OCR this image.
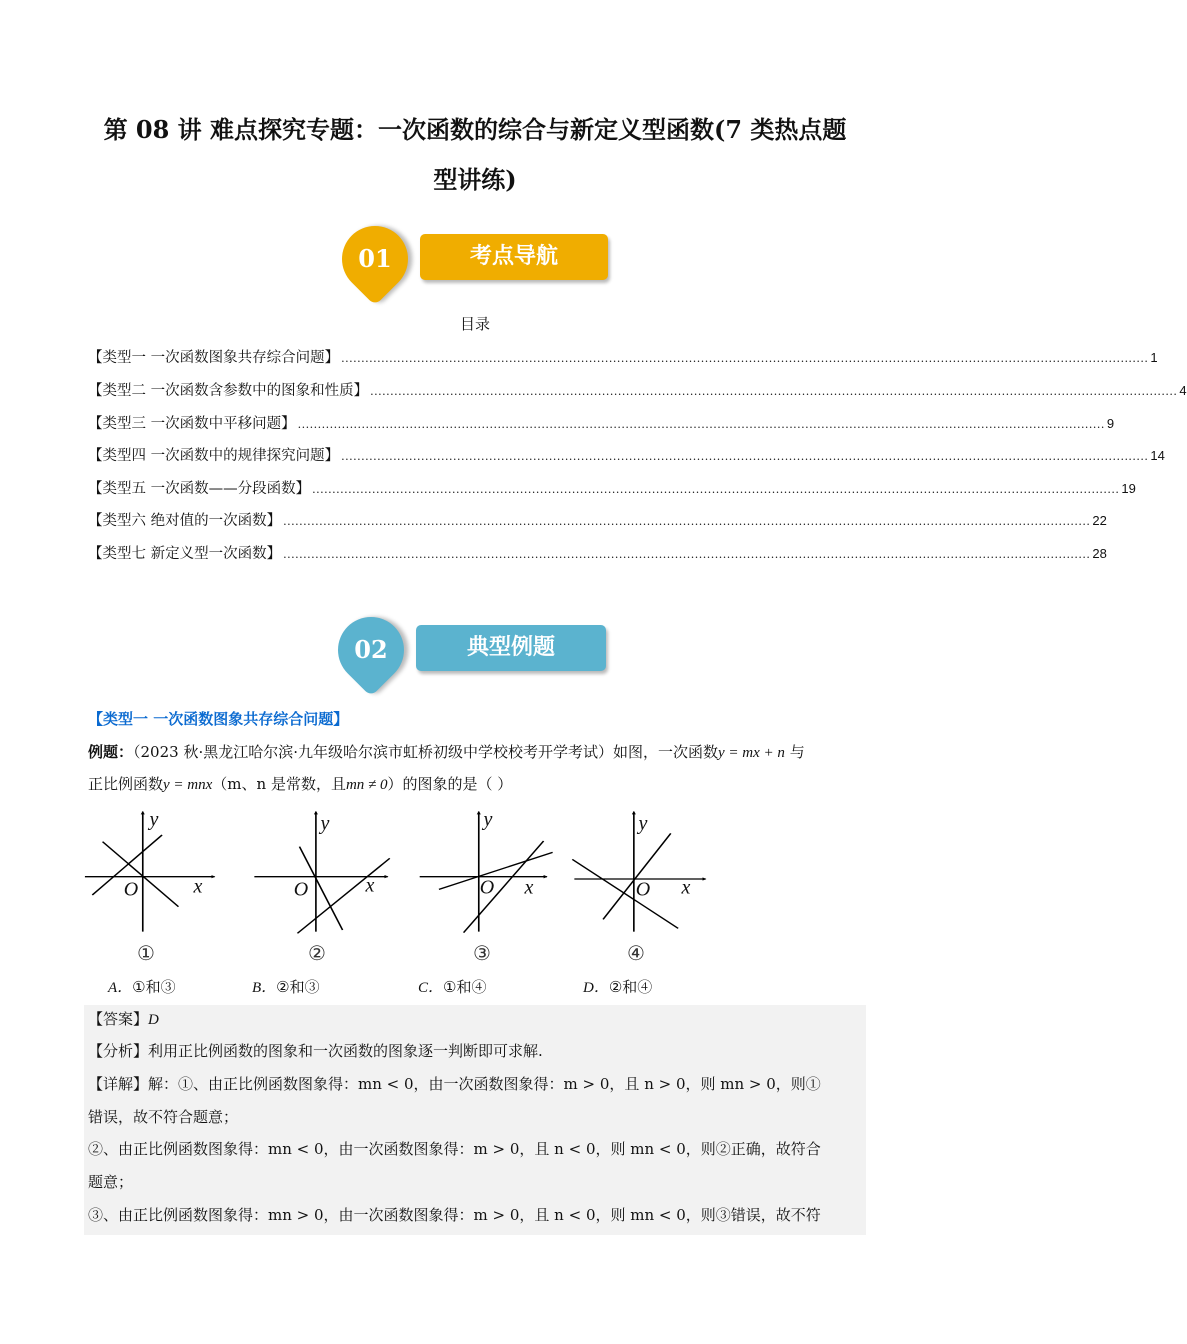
第 08 讲 难点探究专题：一次函数的综合与新定义型函数(7 类热点题
型讲练)
01	考点导航
目录
【类型一 一次函数图象共存综合问题】 .......................................................................................................................................................................................................... 1
【类型二 一次函数含参数中的图象和性质】 .......................................................................................................................................................................................................... 4
【类型三 一次函数中平移问题】 .......................................................................................................................................................................................................... 9
【类型四 一次函数中的规律探究问题】 .......................................................................................................................................................................................................... 14
【类型五 一次函数——分段函数】 .......................................................................................................................................................................................................... 19
【类型六 绝对值的一次函数】 .......................................................................................................................................................................................................... 22
【类型七 新定义型一次函数】 .......................................................................................................................................................................................................... 28
02	典型例题
【类型一 一次函数图象共存综合问题】
例题：（2023 秋·黑龙江哈尔滨·九年级哈尔滨市虹桥初级中学校校考开学考试）如图，一次函数y = mx + n 与
正比例函数y = mnx（m、n 是常数，且mn ≠ 0）的图象的是（ ）
y
O	x
①
y
O	x
②
y
O x
③
y
O x
④
A．①和③	B．②和③	C．①和④	D．②和④
【答案】D
【分析】利用正比例函数的图象和一次函数的图象逐一判断即可求解.
【详解】解：①、由正比例函数图象得：mn < 0，由一次函数图象得：m > 0，且 n > 0，则 mn > 0，则①
错误，故不符合题意；
②、由正比例函数图象得：mn < 0，由一次函数图象得：m > 0，且 n < 0，则 mn < 0，则②正确，故符合
题意；
③、由正比例函数图象得：mn > 0，由一次函数图象得：m > 0，且 n < 0，则 mn < 0，则③错误，故不符
